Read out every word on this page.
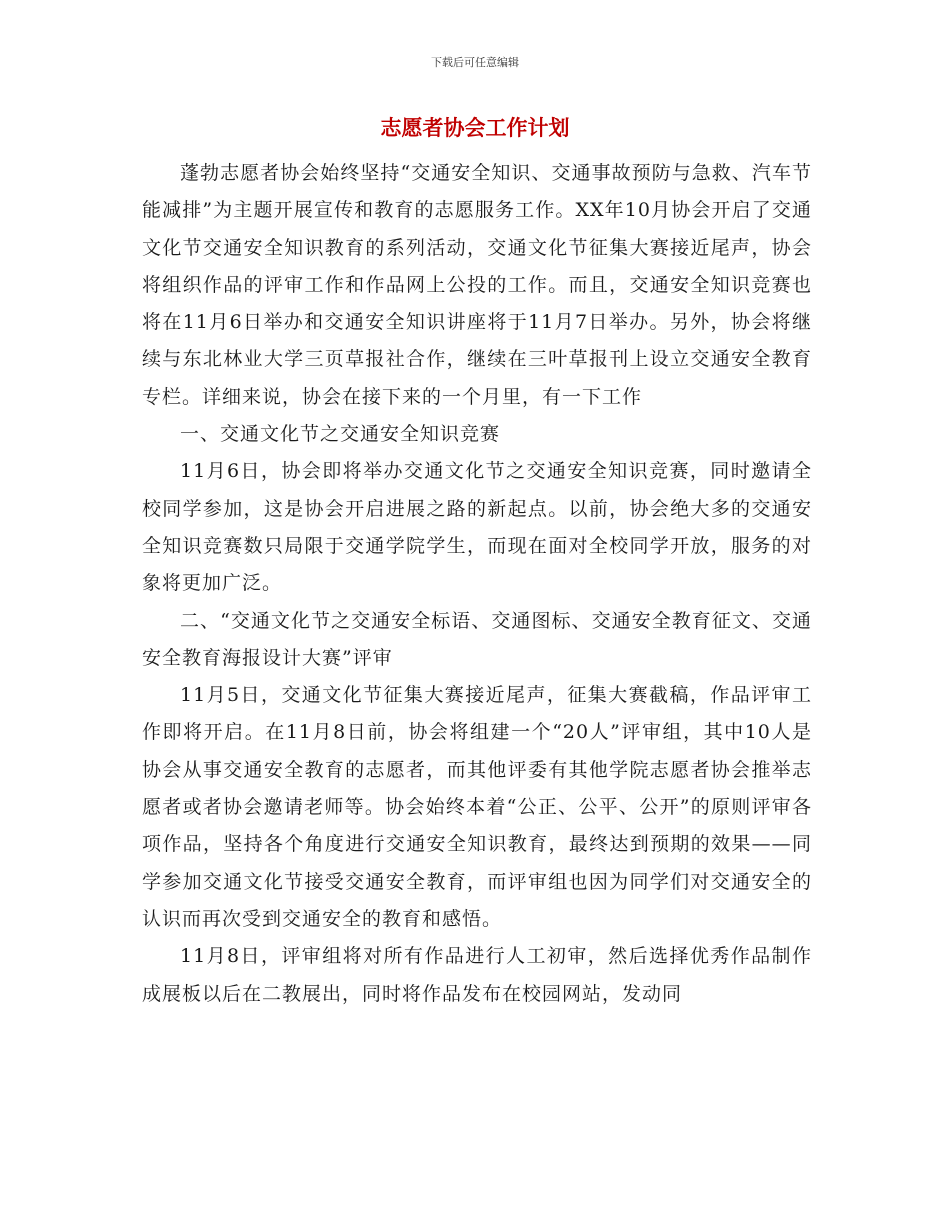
下载后可任意编辑
志愿者协会工作计划

蓬勃志愿者协会始终坚持“交通安全知识、交通事故预防与急救、汽车节能减排”为主题开展宣传和教育的志愿服务工作。XX年10月协会开启了交通文化节交通安全知识教育的系列活动，交通文化节征集大赛接近尾声，协会将组织作品的评审工作和作品网上公投的工作。而且，交通安全知识竞赛也将在11月6日举办和交通安全知识讲座将于11月7日举办。另外，协会将继续与东北林业大学三页草报社合作，继续在三叶草报刊上设立交通安全教育专栏。详细来说，协会在接下来的一个月里，有一下工作

一、交通文化节之交通安全知识竞赛

11月6日，协会即将举办交通文化节之交通安全知识竞赛，同时邀请全校同学参加，这是协会开启进展之路的新起点。以前，协会绝大多的交通安全知识竞赛数只局限于交通学院学生，而现在面对全校同学开放，服务的对象将更加广泛。

二、“交通文化节之交通安全标语、交通图标、交通安全教育征文、交通安全教育海报设计大赛”评审

11月5日，交通文化节征集大赛接近尾声，征集大赛截稿，作品评审工作即将开启。在11月8日前，协会将组建一个“20人”评审组，其中10人是协会从事交通安全教育的志愿者，而其他评委有其他学院志愿者协会推举志愿者或者协会邀请老师等。协会始终本着“公正、公平、公开”的原则评审各项作品，坚持各个角度进行交通安全知识教育，最终达到预期的效果——同学参加交通文化节接受交通安全教育，而评审组也因为同学们对交通安全的认识而再次受到交通安全的教育和感悟。

11月8日，评审组将对所有作品进行人工初审，然后选择优秀作品制作成展板以后在二教展出，同时将作品发布在校园网站，发动同
